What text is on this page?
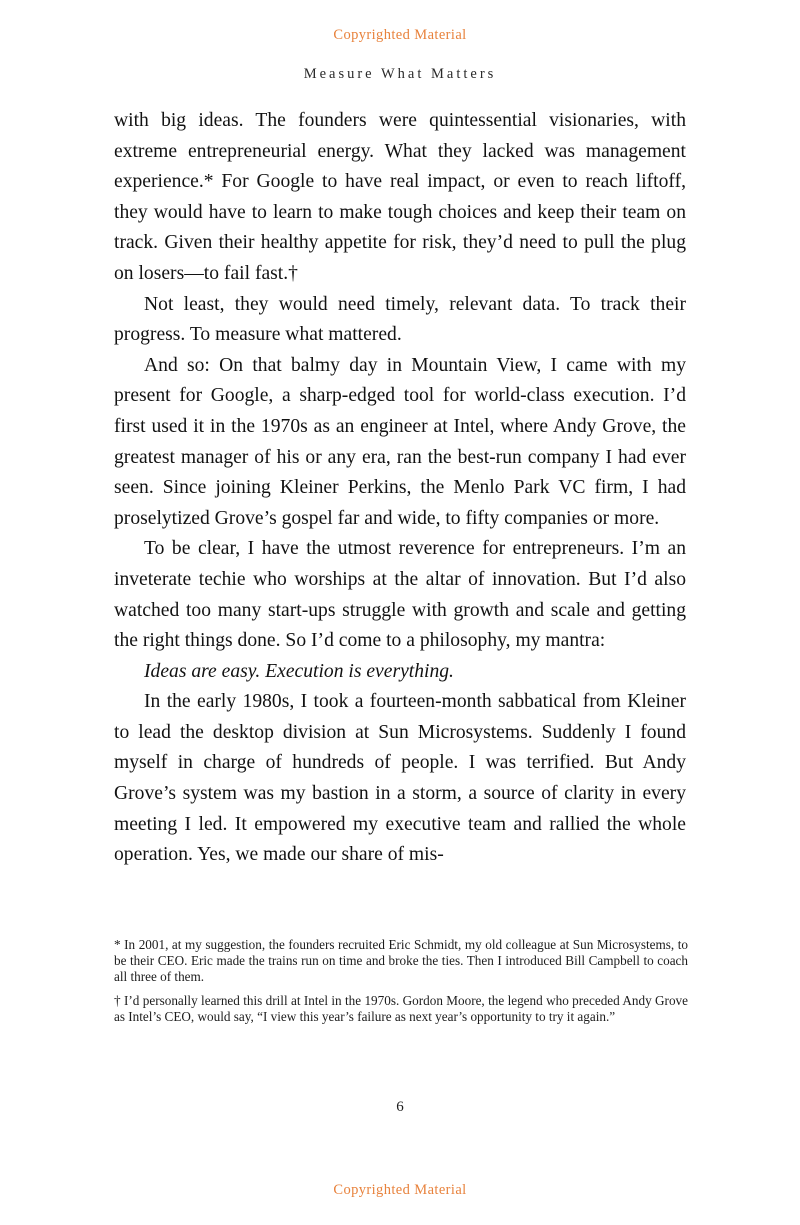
Copyrighted Material
Measure What Matters

with big ideas. The founders were quintessential visionaries, with extreme entrepreneurial energy. What they lacked was management experience.* For Google to have real impact, or even to reach liftoff, they would have to learn to make tough choices and keep their team on track. Given their healthy appetite for risk, they’d need to pull the plug on losers—to fail fast.†

Not least, they would need timely, relevant data. To track their progress. To measure what mattered.

And so: On that balmy day in Mountain View, I came with my present for Google, a sharp-edged tool for world-class execution. I’d first used it in the 1970s as an engineer at Intel, where Andy Grove, the greatest manager of his or any era, ran the best-run company I had ever seen. Since joining Kleiner Perkins, the Menlo Park VC firm, I had proselytized Grove’s gospel far and wide, to fifty companies or more.

To be clear, I have the utmost reverence for entrepreneurs. I’m an inveterate techie who worships at the altar of innovation. But I’d also watched too many start-ups struggle with growth and scale and getting the right things done. So I’d come to a philosophy, my mantra:

Ideas are easy. Execution is everything.

In the early 1980s, I took a fourteen-month sabbatical from Kleiner to lead the desktop division at Sun Microsystems. Suddenly I found myself in charge of hundreds of people. I was terrified. But Andy Grove’s system was my bastion in a storm, a source of clarity in every meeting I led. It empowered my executive team and rallied the whole operation. Yes, we made our share of mis-

* In 2001, at my suggestion, the founders recruited Eric Schmidt, my old colleague at Sun Microsystems, to be their CEO. Eric made the trains run on time and broke the ties. Then I introduced Bill Campbell to coach all three of them.

† I’d personally learned this drill at Intel in the 1970s. Gordon Moore, the legend who preceded Andy Grove as Intel’s CEO, would say, “I view this year’s failure as next year’s opportunity to try it again.”

6
Copyrighted Material
